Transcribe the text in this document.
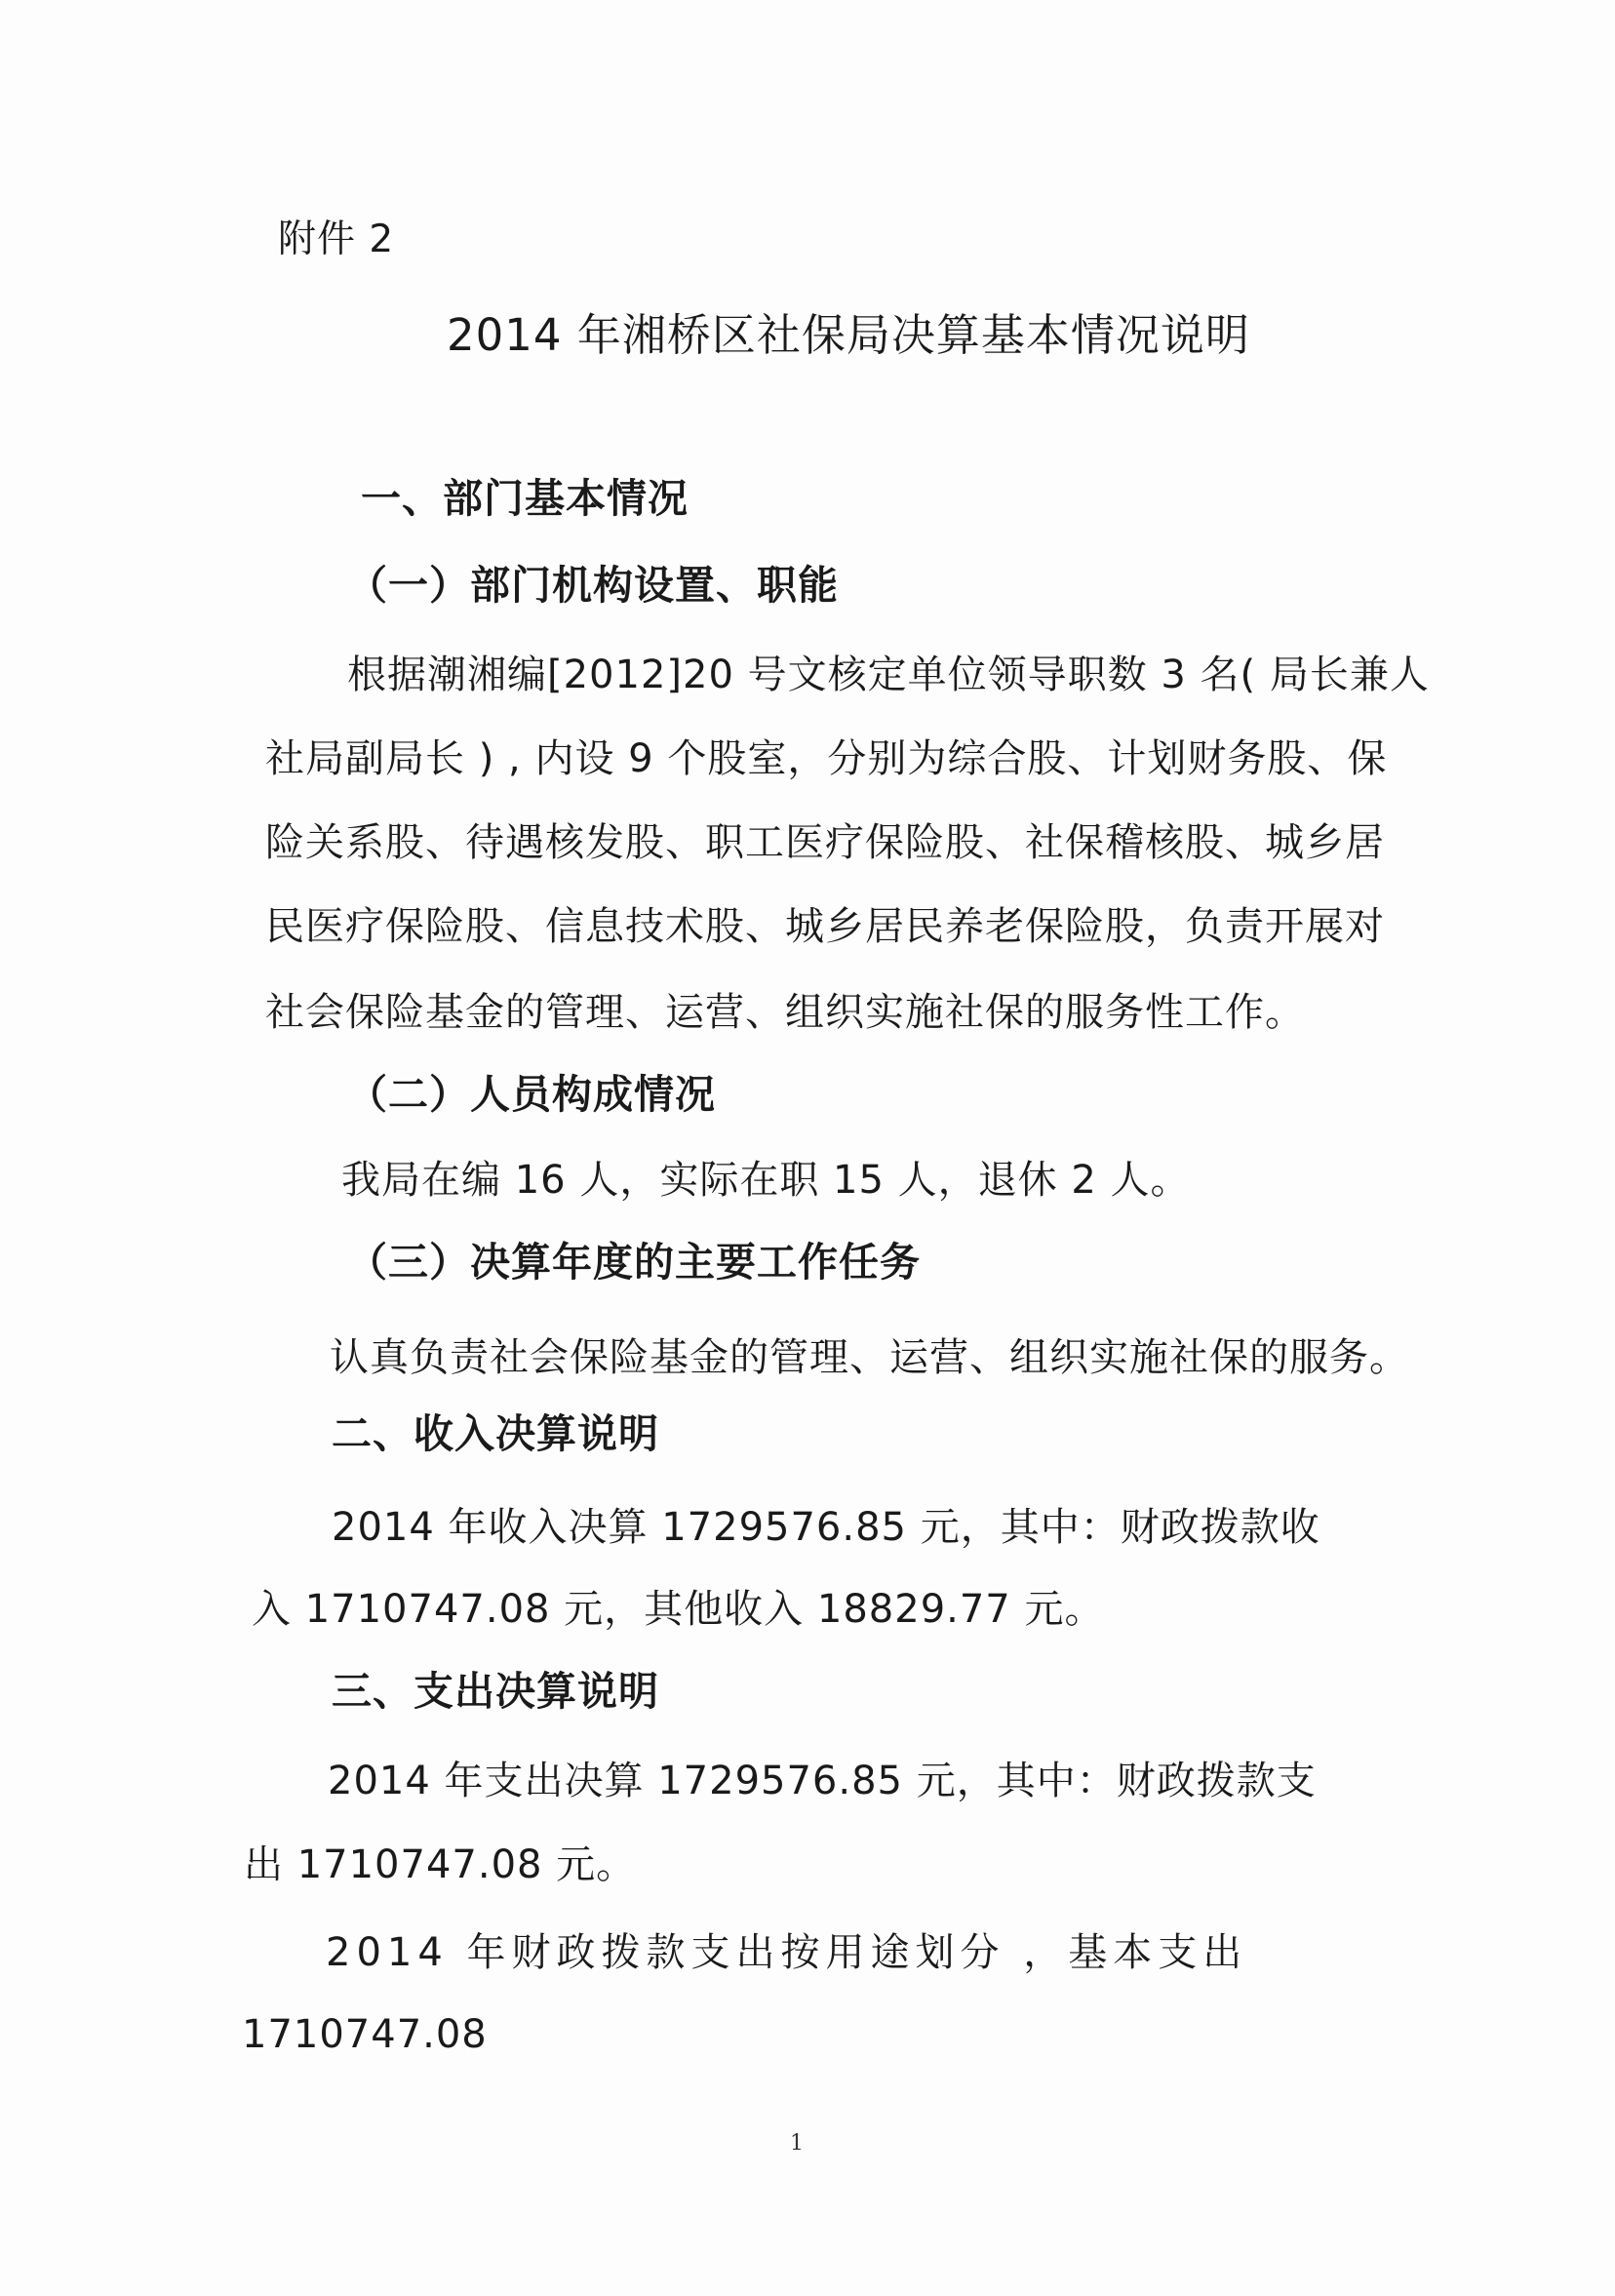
附件 2
2014 年湘桥区社保局决算基本情况说明
一、部门基本情况
（一）部门机构设置、职能
根据潮湘编[2012]20 号文核定单位领导职数 3 名( 局长兼人
社局副局长 ) , 内设 9 个股室，分别为综合股、计划财务股、保
险关系股、待遇核发股、职工医疗保险股、社保稽核股、城乡居
民医疗保险股、信息技术股、城乡居民养老保险股，负责开展对
社会保险基金的管理、运营、组织实施社保的服务性工作。
（二）人员构成情况
我局在编 16 人，实际在职 15 人，退休 2 人。
（三）决算年度的主要工作任务
认真负责社会保险基金的管理、运营、组织实施社保的服务。
二、收入决算说明
2014 年收入决算 1729576.85 元，其中：财政拨款收
入 1710747.08 元，其他收入 18829.77 元。
三、支出决算说明
2014 年支出决算 1729576.85 元，其中：财政拨款支
出 1710747.08 元。
2014 年财政拨款支出按用途划分 ，基本支出
1710747.08
1
